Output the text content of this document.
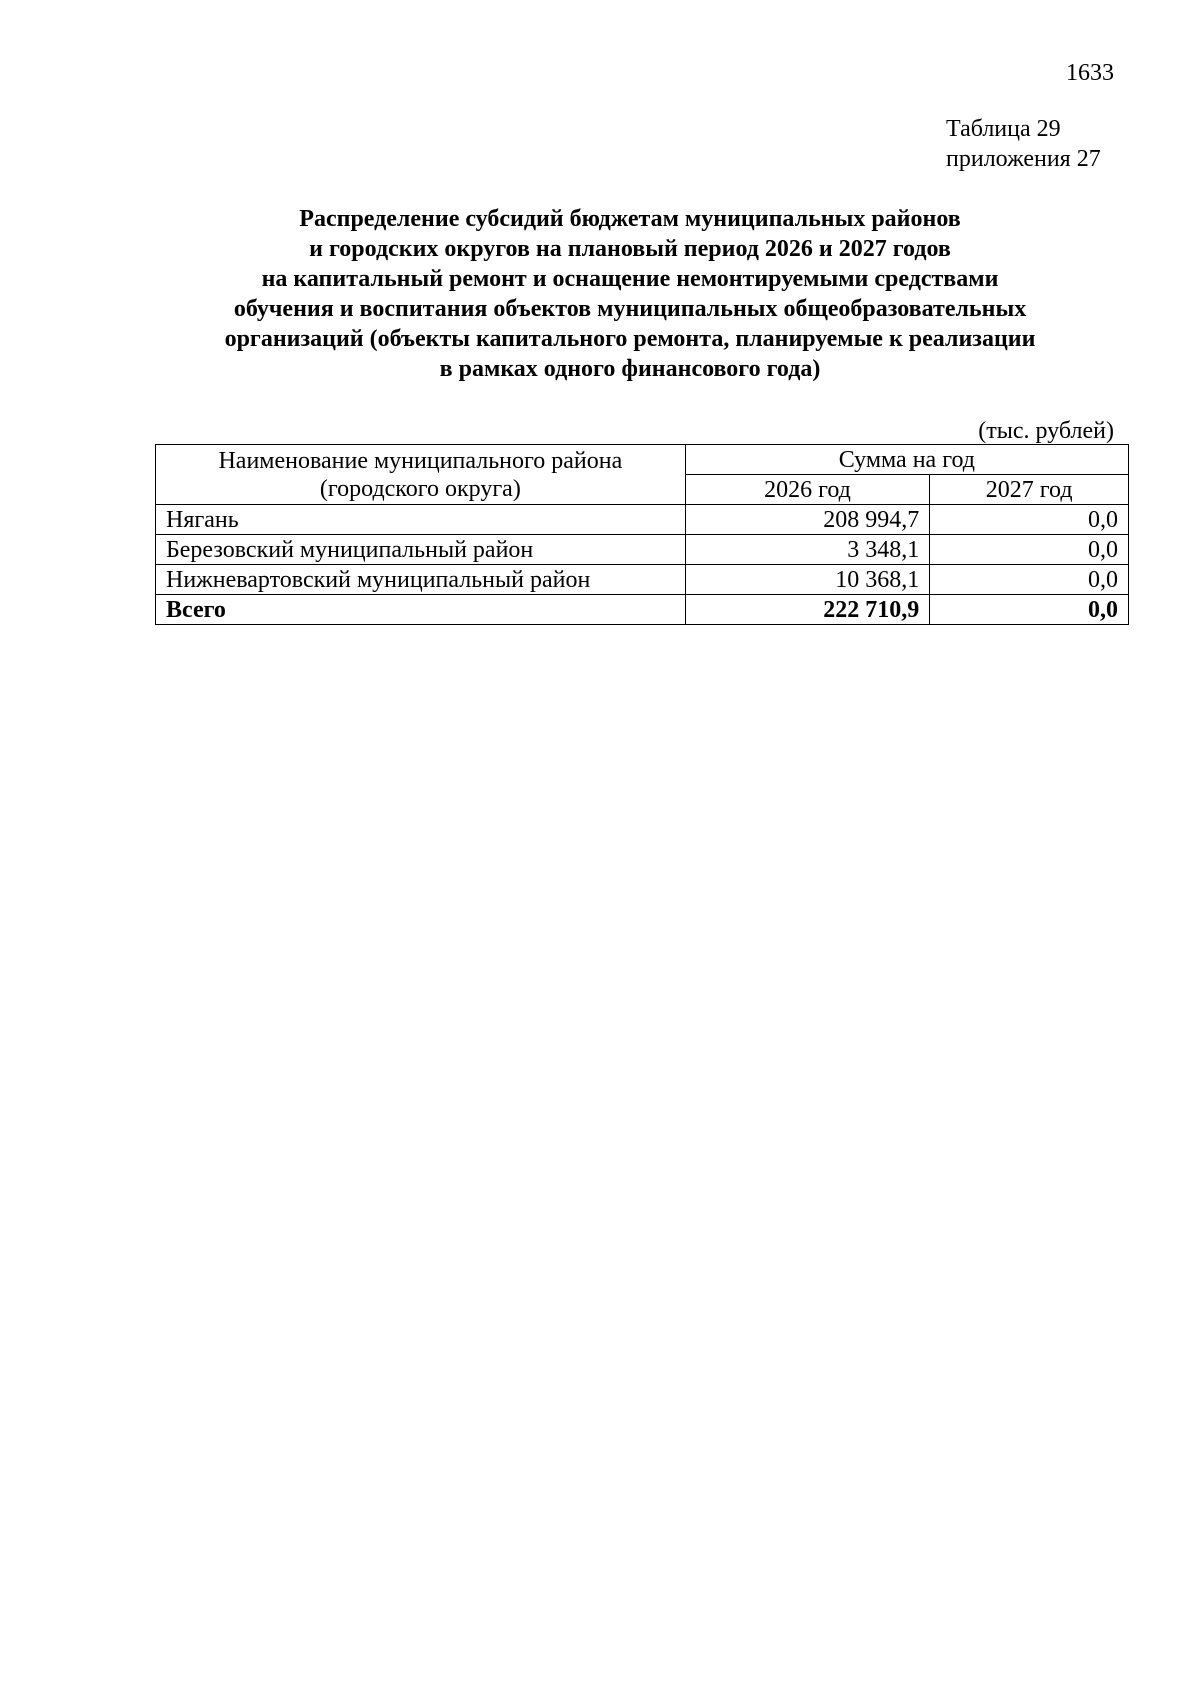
1633
Таблица 29
приложения 27
Распределение субсидий бюджетам муниципальных районов
и городских округов на плановый период 2026 и 2027 годов
на капитальный ремонт и оснащение немонтируемыми средствами
обучения и воспитания объектов муниципальных общеобразовательных
организаций (объекты капитального ремонта, планируемые к реализации
в рамках одного финансового года)
(тыс. рублей)
Наименование муниципального района
(городского округа)	Сумма на год	
	2026 год	2027 год
Нягань	208 994,7	0,0
Березовский муниципальный район	3 348,1	0,0
Нижневартовский муниципальный район	10 368,1	0,0
Всего	222 710,9	0,0
